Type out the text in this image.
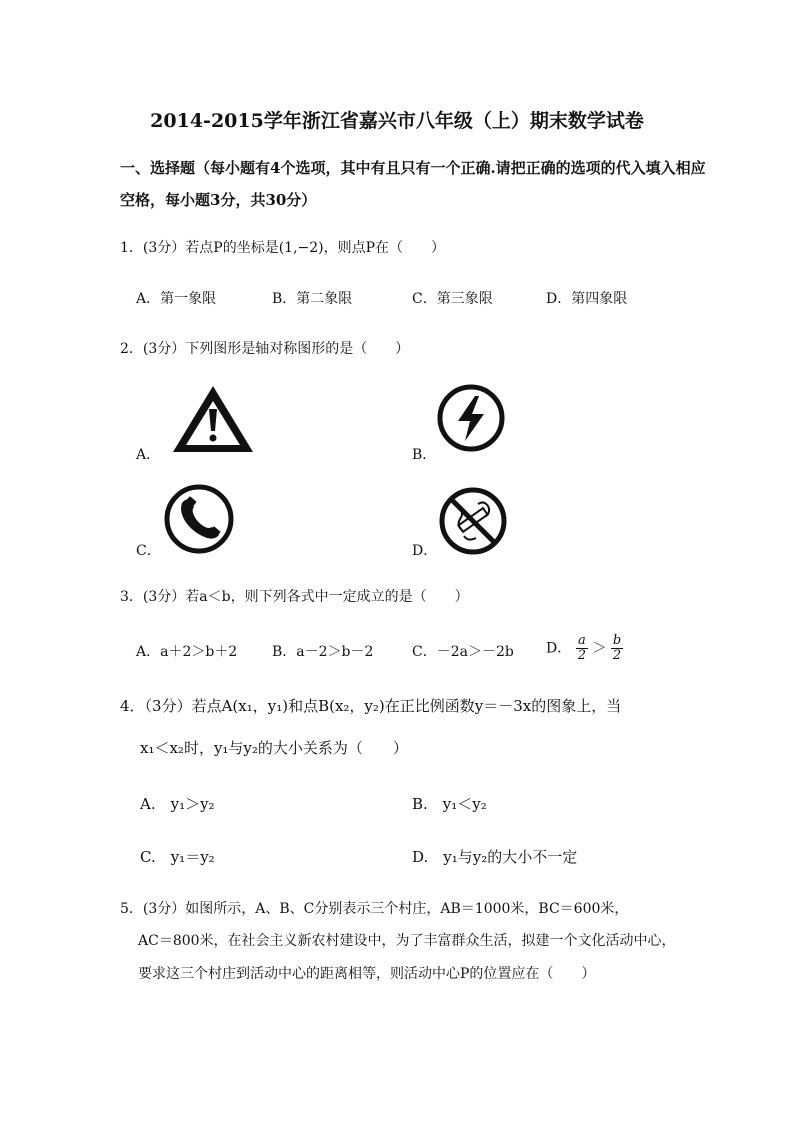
2014-2015学年浙江省嘉兴市八年级（上）期末数学试卷
一、选择题（每小题有4个选项，其中有且只有一个正确.请把正确的选项的代入填入相应
空格，每小题3分，共30分）
1．(3分）若点P的坐标是(1,−2)，则点P在（　　）
A．第一象限	B．第二象限	C．第三象限	D．第四象限
2．(3分）下列图形是轴对称图形的是（　　）
A．	B．
C．	D．
3．(3分）若a＜b，则下列各式中一定成立的是（　　）
A．a＋2＞b＋2 B．a－2＞b－2	C．－2a＞－2b D． $\frac{a}{2} > \frac{b}{2}$
4．（3分）若点A(x₁，y₁)和点B(x₂，y₂)在正比例函数y＝－3x的图象上，当
x₁＜x₂时，y₁与y₂的大小关系为（　　）
A.　y₁＞y₂	B.　y₁＜y₂
C.　y₁＝y₂	D.　y₁与y₂的大小不一定
5．(3分）如图所示，A、B、C分别表示三个村庄，AB＝1000米，BC＝600米，
AC＝800米，在社会主义新农村建设中，为了丰富群众生活，拟建一个文化活动中心，
要求这三个村庄到活动中心的距离相等，则活动中心P的位置应在（　　）
